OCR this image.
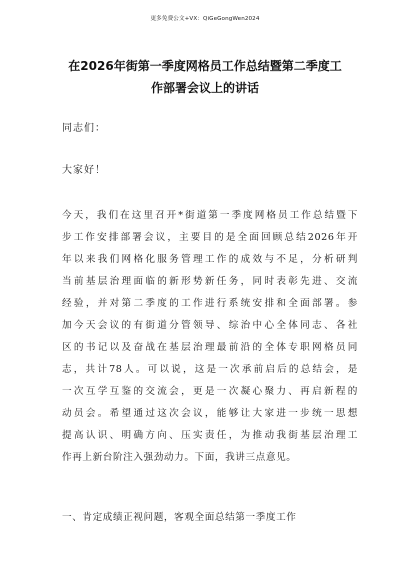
更多免费公文+VX：QiGeGongWen2024
在2026年街第一季度网格员工作总结暨第二季度工
作部署会议上的讲话
同志们：
大家好！
今天，我们在这里召开*街道第一季度网格员工作总结暨下
步工作安排部署会议，主要目的是全面回顾总结2026年开
年以来我们网格化服务管理工作的成效与不足，分析研判
当前基层治理面临的新形势新任务，同时表彰先进、交流
经验，并对第二季度的工作进行系统安排和全面部署。参
加今天会议的有街道分管领导、综治中心全体同志、各社
区的书记以及奋战在基层治理最前沿的全体专职网格员同
志，共计78人。可以说，这是一次承前启后的总结会，是
一次互学互鉴的交流会，更是一次凝心聚力、再启新程的
动员会。希望通过这次会议，能够让大家进一步统一思想
提高认识、明确方向、压实责任，为推动我街基层治理工
作再上新台阶注入强劲动力。下面，我讲三点意见。
一、肯定成绩正视问题，客观全面总结第一季度工作
